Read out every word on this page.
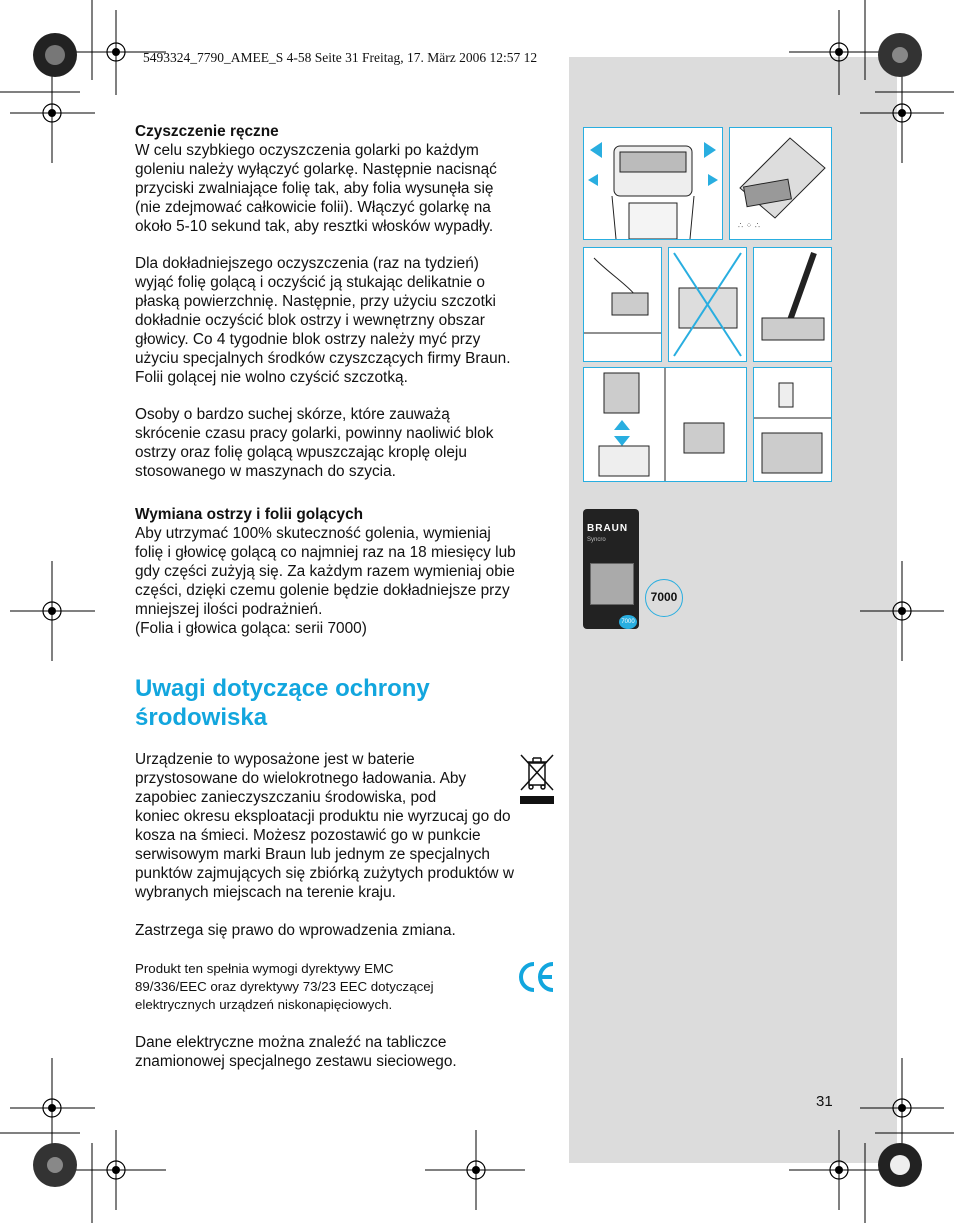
5493324_7790_AMEE_S 4-58 Seite 31 Freitag, 17. März 2006 12:57 12

Czyszczenie ręczne

W celu szybkiego oczyszczenia golarki po każdym

goleniu należy wyłączyć golarkę. Następnie nacisnąć

przyciski zwalniające folię tak, aby folia wysunęła się

(nie zdejmować całkowicie folii). Włączyć golarkę na

około 5-10 sekund tak, aby resztki włosków wypadły.

Dla dokładniejszego oczyszczenia (raz na tydzień)

wyjąć folię golącą i oczyścić ją stukając delikatnie o

płaską powierzchnię. Następnie, przy użyciu szczotki

dokładnie oczyścić blok ostrzy i wewnętrzny obszar

głowicy. Co 4 tygodnie blok ostrzy należy myć przy

użyciu specjalnych środków czyszczących firmy Braun.

Folii golącej nie wolno czyścić szczotką.

Osoby o bardzo suchej skórze, które zauważą

skrócenie czasu pracy golarki, powinny naoliwić blok

ostrzy oraz folię golącą wpuszczając kroplę oleju

stosowanego w maszynach do szycia.

Wymiana ostrzy i folii golących

Aby utrzymać 100% skuteczność golenia, wymieniaj

folię i głowicę golącą co najmniej raz na 18 miesięcy lub

gdy części zużyją się. Za każdym razem wymieniaj obie

części, dzięki czemu golenie będzie dokładniejsze przy

mniejszej ilości podrażnień.

(Folia i głowica goląca: serii 7000)

Uwagi dotyczące ochrony
środowiska

Urządzenie to wyposażone jest w baterie

przystosowane do wielokrotnego ładowania. Aby

zapobiec zanieczyszczaniu środowiska, pod

koniec okresu eksploatacji produktu nie wyrzucaj go do

kosza na śmieci. Możesz pozostawić go w punkcie

serwisowym marki Braun lub jednym ze specjalnych

punktów zajmujących się zbiórką zużytych produktów w

wybranych miejscach na terenie kraju.

Zastrzega się prawo do wprowadzenia zmiana.

Produkt ten spełnia wymogi dyrektywy EMC

89/336/EEC oraz dyrektywy 73/23 EEC dotyczącej

elektrycznych urządzeń niskonapięciowych.

Dane elektryczne można znaleźć na tabliczce

znamionowej specjalnego zestawu sieciowego.

∴ ⁘ ∴
BRAUN
Syncro
7000
7000
31
